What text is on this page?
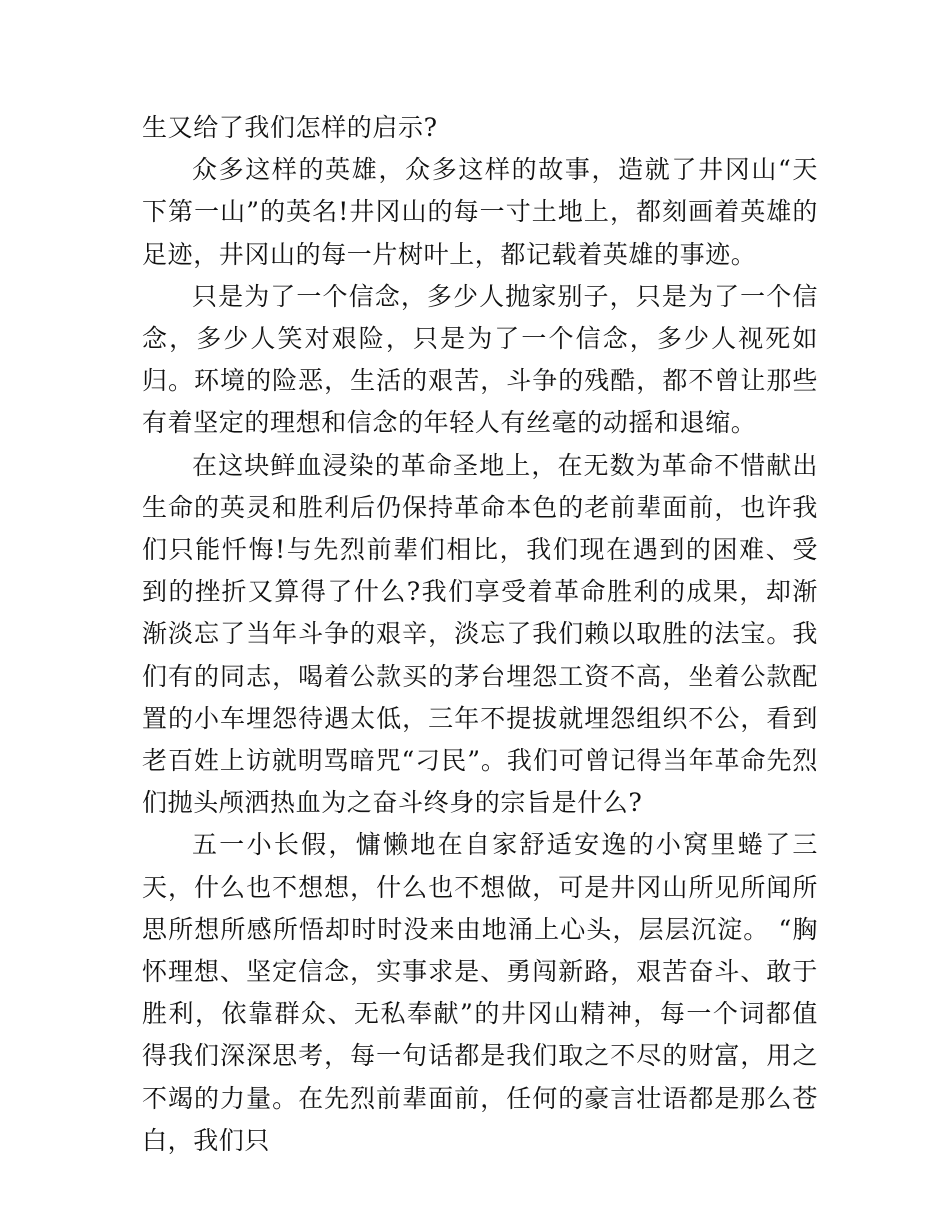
生又给了我们怎样的启示?

众多这样的英雄，众多这样的故事，造就了井冈山“天下第一山”的英名!井冈山的每一寸土地上，都刻画着英雄的足迹，井冈山的每一片树叶上，都记载着英雄的事迹。

只是为了一个信念，多少人抛家别子，只是为了一个信念，多少人笑对艰险，只是为了一个信念，多少人视死如归。环境的险恶，生活的艰苦，斗争的残酷，都不曾让那些有着坚定的理想和信念的年轻人有丝毫的动摇和退缩。

在这块鲜血浸染的革命圣地上，在无数为革命不惜献出生命的英灵和胜利后仍保持革命本色的老前辈面前，也许我们只能忏悔!与先烈前辈们相比，我们现在遇到的困难、受到的挫折又算得了什么?我们享受着革命胜利的成果，却渐渐淡忘了当年斗争的艰辛，淡忘了我们赖以取胜的法宝。我们有的同志，喝着公款买的茅台埋怨工资不高，坐着公款配置的小车埋怨待遇太低，三年不提拔就埋怨组织不公，看到老百姓上访就明骂暗咒“刁民”。我们可曾记得当年革命先烈们抛头颅洒热血为之奋斗终身的宗旨是什么?

五一小长假，慵懒地在自家舒适安逸的小窝里蜷了三天，什么也不想想，什么也不想做，可是井冈山所见所闻所思所想所感所悟却时时没来由地涌上心头，层层沉淀。 “胸怀理想、坚定信念，实事求是、勇闯新路，艰苦奋斗、敢于胜利，依靠群众、无私奉献”的井冈山精神，每一个词都值得我们深深思考，每一句话都是我们取之不尽的财富，用之不竭的力量。在先烈前辈面前，任何的豪言壮语都是那么苍白，我们只
